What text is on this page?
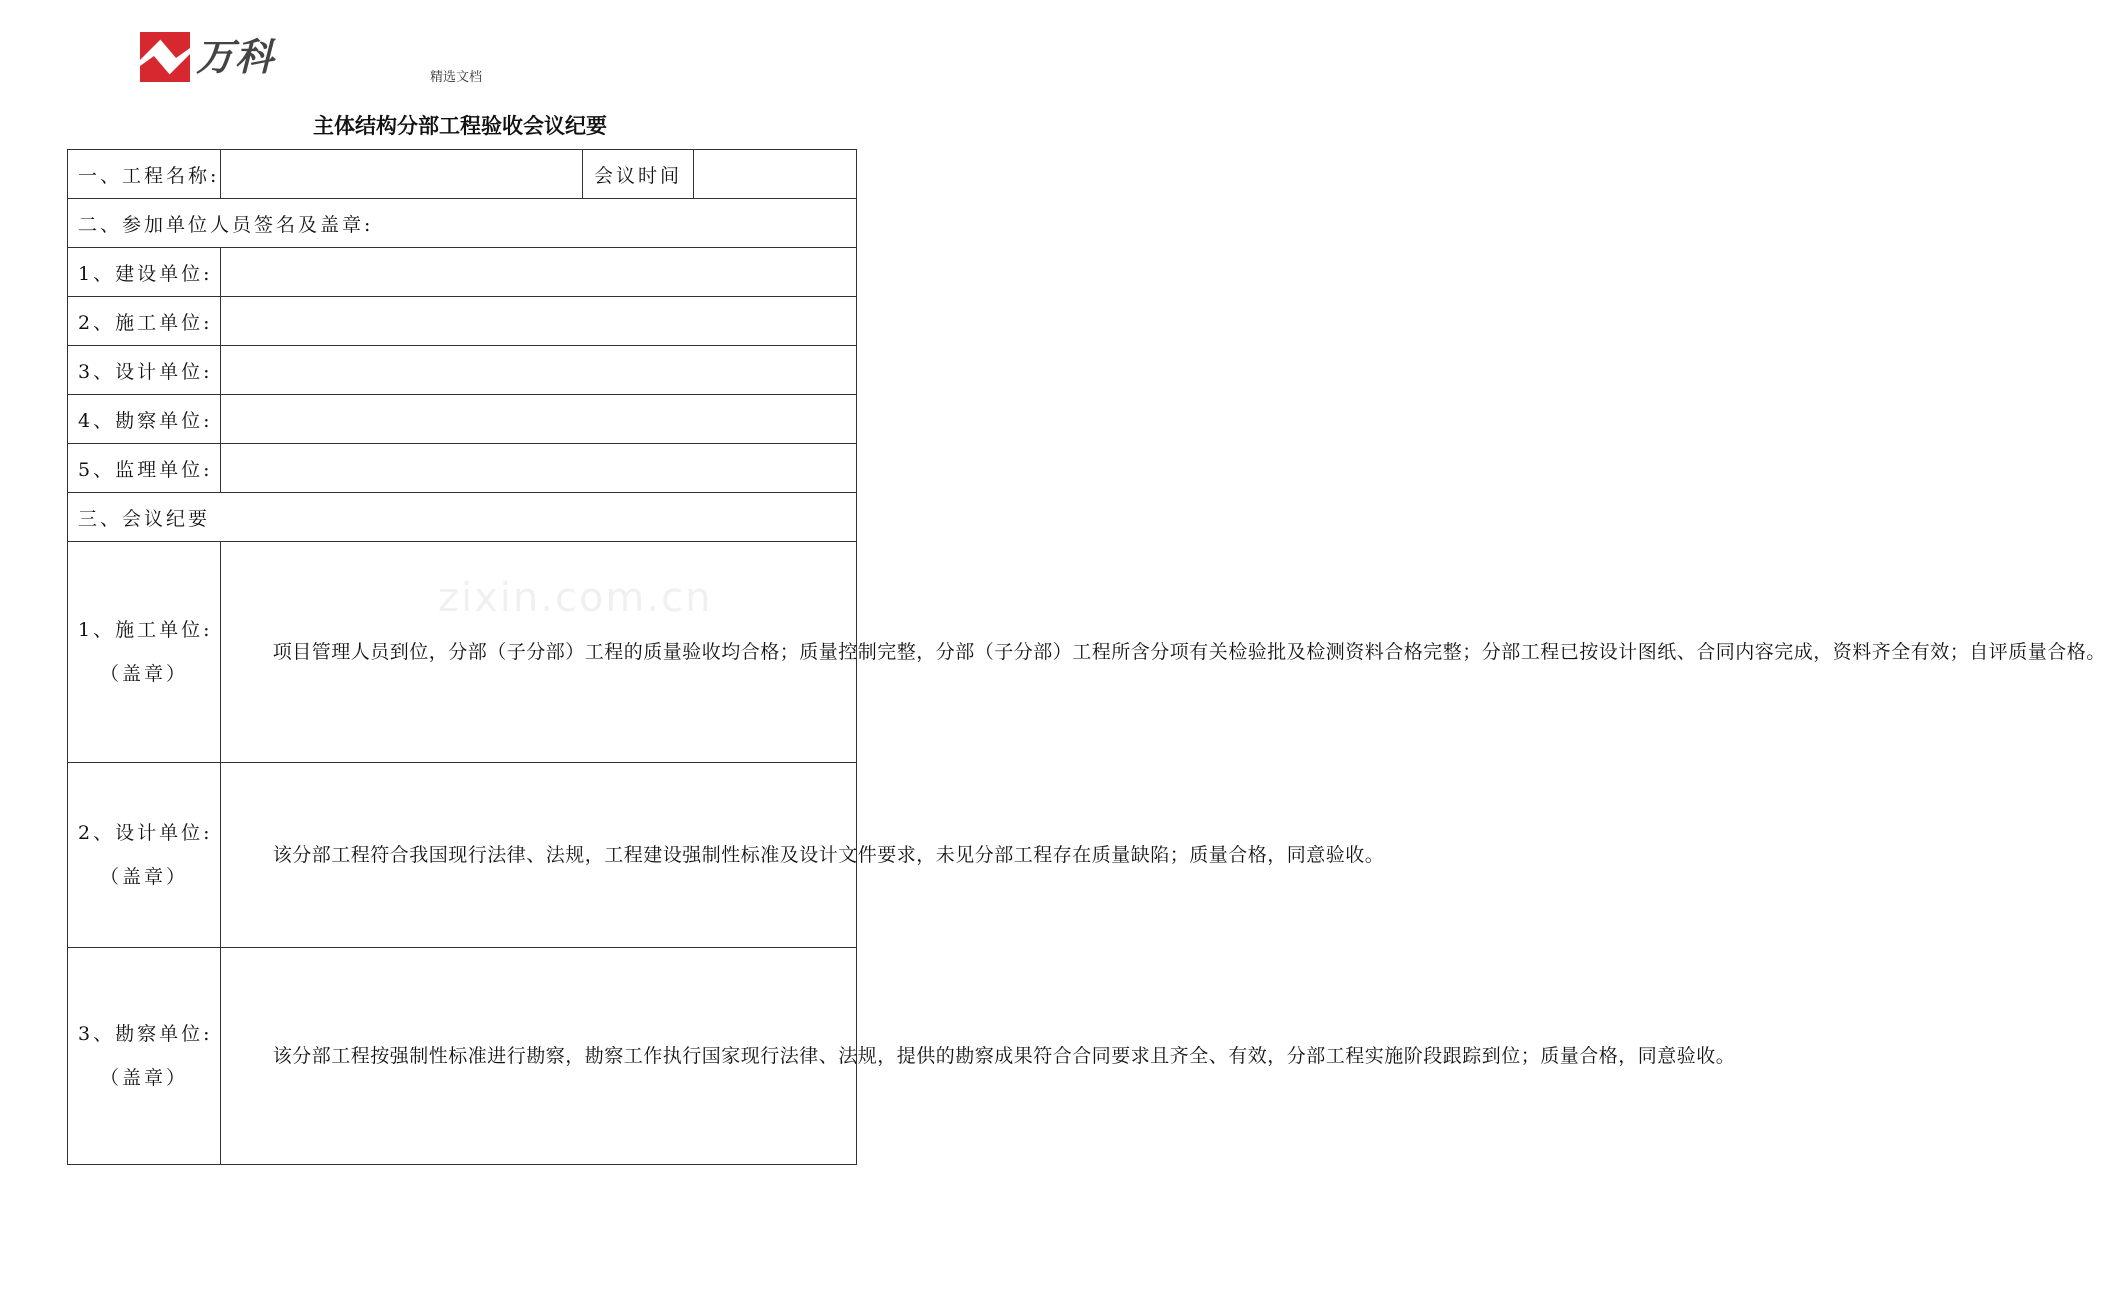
万科	精选文档
主体结构分部工程验收会议纪要
一、工程名称:		会议时间	
二、参加单位人员签名及盖章:			
1、建设单位:			
2、施工单位:			
3、设计单位:			
4、勘察单位:			
5、监理单位:			
三、会议纪要			

1、施工单位:
（盖章）	项目管理人员到位，分部（子分部）工程的质量验收均合格；质量控制完整，分部（子分部）工程所含分项有关检验批及检测资料合格完整；分部工程已按设计图纸、合同内容完成，资料齐全有效；自评质量合格。		

2、设计单位:
（盖章）	该分部工程符合我国现行法律、法规，工程建设强制性标准及设计文件要求，未见分部工程存在质量缺陷；质量合格，同意验收。		

3、勘察单位:
（盖章）	该分部工程按强制性标准进行勘察，勘察工作执行国家现行法律、法规，提供的勘察成果符合合同要求且齐全、有效，分部工程实施阶段跟踪到位；质量合格，同意验收。		
zixin.com.cn
